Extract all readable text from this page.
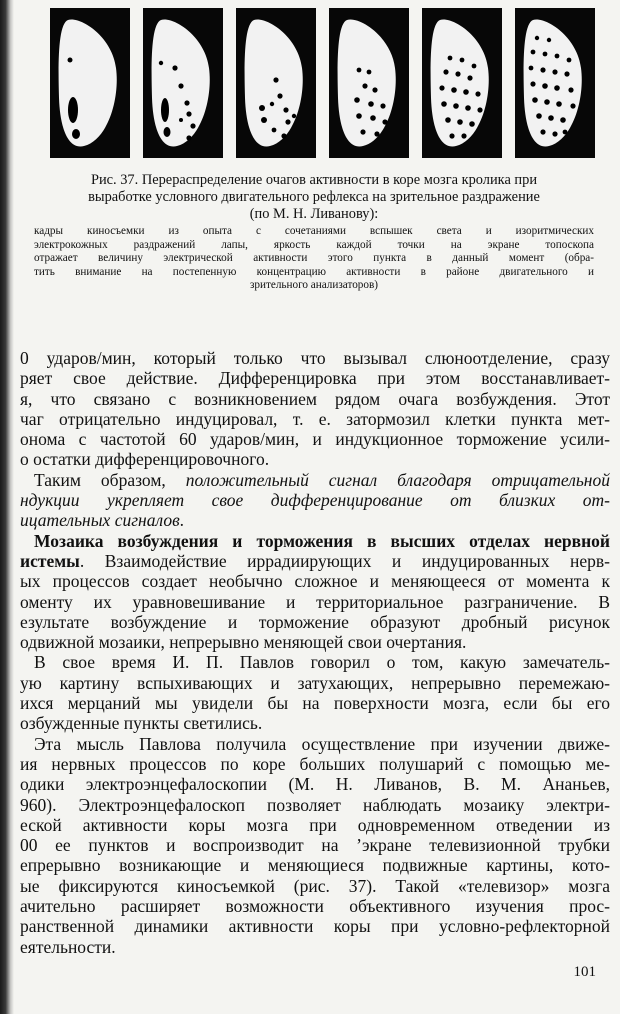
Рис. 37. Перераспределение очагов активности в коре мозга кролика при
выработке условного двигательного рефлекса на зрительное раздражение
(по М. Н. Ливанову):

кадры киносъемки из опыта с сочетаниями вспышек света и изоритмических
электрокожных раздражений лапы, яркость каждой точки на экране топоскопа
отражает величину электрической активности этого пункта в данный момент (обра-
тить внимание на постепенную концентрацию активности в районе двигательного и
зрительного анализаторов)

0 ударов/мин, который только что вызывал слюноотделение, сразу
ряет свое действие. Дифференцировка при этом восстанавливает-
я, что связано с возникновением рядом очага возбуждения. Этот
чаг отрицательно индуцировал, т. е. затормозил клетки пункта мет-
онома с частотой 60 ударов/мин, и индукционное торможение усили-
о остатки дифференцировочного.

Таким образом, положительный сигнал благодаря отрицательной
ндукции укрепляет свое дифференцирование от близких от-
ицательных сигналов.

Мозаика возбуждения и торможения в высших отделах нервной
истемы. Взаимодействие иррадиирующих и индуцированных нерв-
ых процессов создает необычно сложное и меняющееся от момента к
оменту их уравновешивание и территориальное разграничение. В
езультате возбуждение и торможение образуют дробный рисунок
одвижной мозаики, непрерывно меняющей свои очертания.

В свое время И. П. Павлов говорил о том, какую замечатель-
ую картину вспыхивающих и затухающих, непрерывно перемежаю-
ихся мерцаний мы увидели бы на поверхности мозга, если бы его
озбужденные пункты светились.

Эта мысль Павлова получила осуществление при изучении движе-
ия нервных процессов по коре больших полушарий с помощью ме-
одики электроэнцефалоскопии (М. Н. Ливанов, В. М. Ананьев,
960). Электроэнцефалоскоп позволяет наблюдать мозаику электри-
еской активности коры мозга при одновременном отведении из
00 ее пунктов и воспроизводит на ʼэкране телевизионной трубки
епрерывно возникающие и меняющиеся подвижные картины, кото-
ые фиксируются киносъемкой (рис. 37). Такой «телевизор» мозга
ачительно расширяет возможности объективного изучения прос-
ранственной динамики активности коры при условно-рефлекторной
еятельности.

101
